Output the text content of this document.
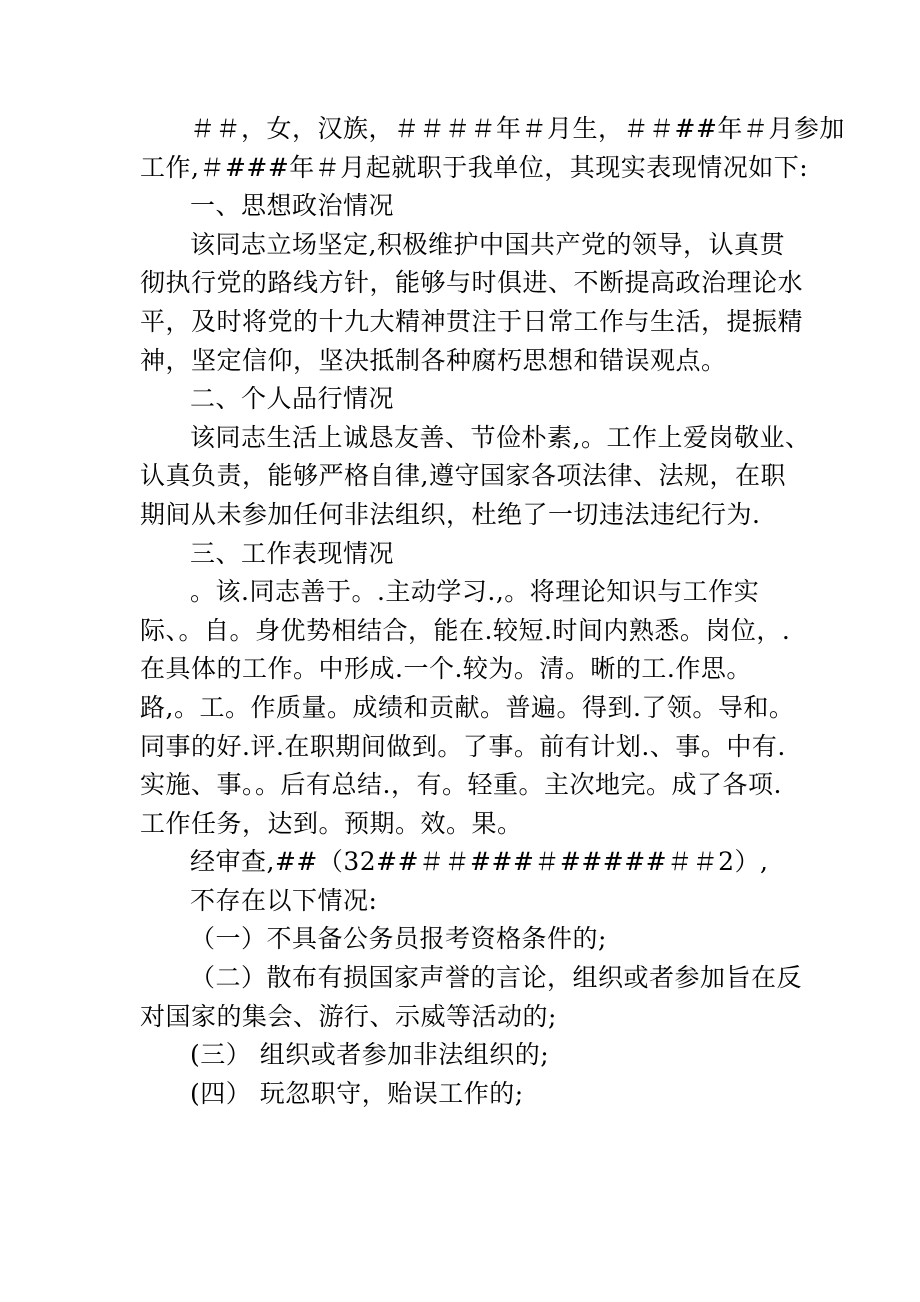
＃＃，女，汉族，＃＃＃＃年＃月生，＃＃##年＃月参加
工作,＃###年＃月起就职于我单位，其现实表现情况如下:
一、思想政治情况
该同志立场坚定,积极维护中国共产党的领导，认真贯
彻执行党的路线方针，能够与时俱进、不断提高政治理论水
平，及时将党的十九大精神贯注于日常工作与生活，提振精
神，坚定信仰，坚决抵制各种腐朽思想和错误观点。
二、个人品行情况
该同志生活上诚恳友善、节俭朴素,。工作上爱岗敬业、
认真负责，能够严格自律,遵守国家各项法律、法规，在职
期间从未参加任何非法组织，杜绝了一切违法违纪行为.
三、工作表现情况
。该.同志善于。.主动学习.,。将理论知识与工作实
际、。自。身优势相结合，能在.较短.时间内熟悉。岗位，.
在具体的工作。中形成.一个.较为。清。晰的工.作思。
路,。工。作质量。成绩和贡献。普遍。得到.了领。导和。
同事的好.评.在职期间做到。了事。前有计划.、事。中有.
实施、事。。后有总结.，有。轻重。主次地完。成了各项.
工作任务，达到。预期。效。果。
经审查,##（32##＃＃###＃#####＃＃2）,
不存在以下情况:
（一）不具备公务员报考资格条件的;
（二）散布有损国家声誉的言论，组织或者参加旨在反
对国家的集会、游行、示威等活动的;
(三） 组织或者参加非法组织的;
(四） 玩忽职守，贻误工作的;
